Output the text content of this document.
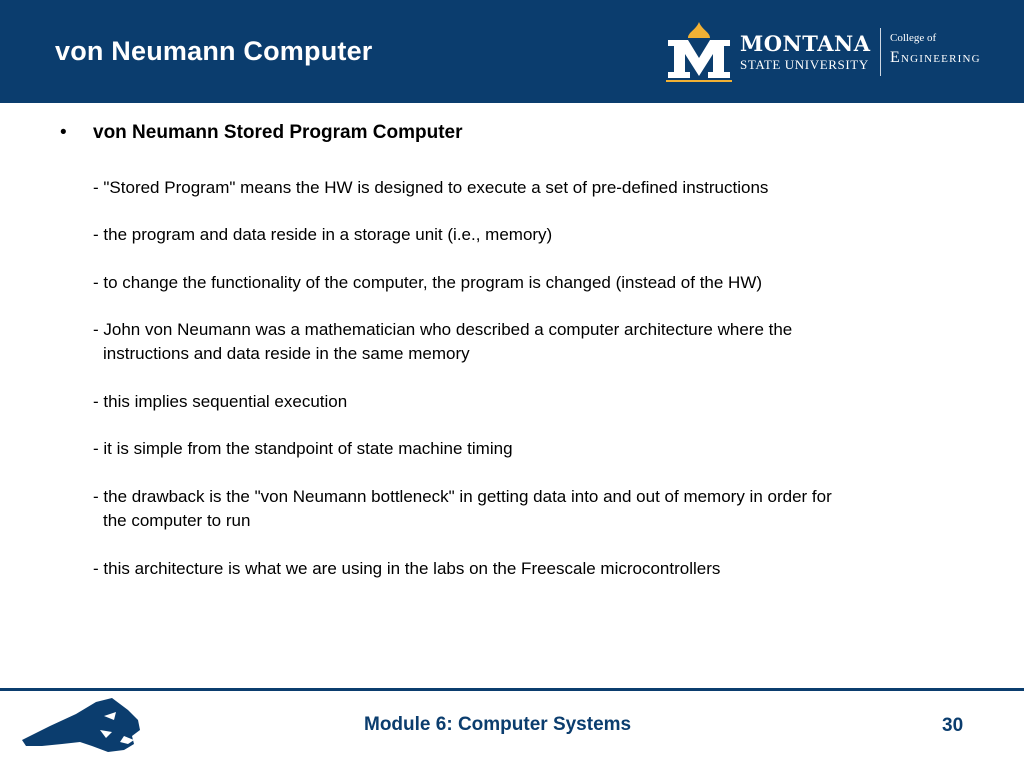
von Neumann Computer	MONTANA
STATE UNIVERSITY
College of
Engineering
• von Neumann Stored Program Computer
- "Stored Program" means the HW is designed to execute a set of pre-defined instructions
- the program and data reside in a storage unit (i.e., memory)
- to change the functionality of the computer, the program is changed (instead of the HW)
- John von Neumann was a mathematician who described a computer architecture where the
instructions and data reside in the same memory
- this implies sequential execution
- it is simple from the standpoint of state machine timing
- the drawback is the "von Neumann bottleneck" in getting data into and out of memory in order for
the computer to run
- this architecture is what we are using in the labs on the Freescale microcontrollers
Module 6: Computer Systems	30
